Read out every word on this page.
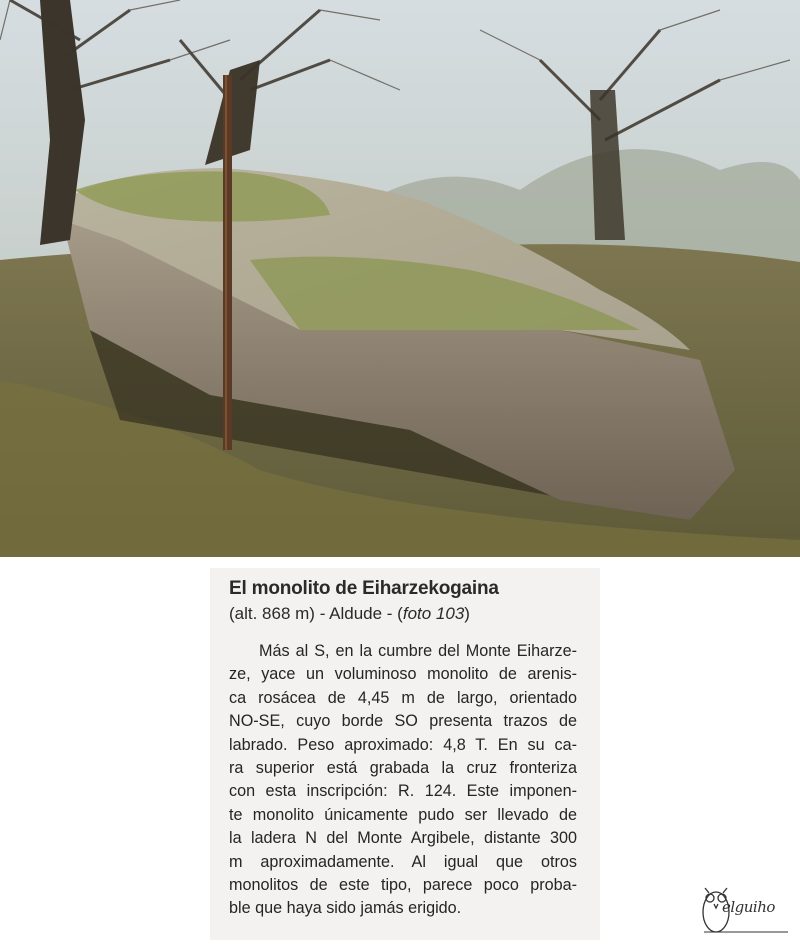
El monolito de Eiharzekogaina
(alt. 868 m) - Aldude - (foto 103)
Más al S, en la cumbre del Monte Eiharze-
ze, yace un voluminoso monolito de arenis-
ca rosácea de 4,45 m de largo, orientado
NO-SE, cuyo borde SO presenta trazos de
labrado. Peso aproximado: 4,8 T. En su ca-
ra superior está grabada la cruz fronteriza
con esta inscripción: R. 124. Este imponen-
te monolito únicamente pudo ser llevado de
la ladera N del Monte Argibele, distante 300
m aproximadamente. Al igual que otros
monolitos de este tipo, parece poco proba-
ble que haya sido jamás erigido.	elguiho
